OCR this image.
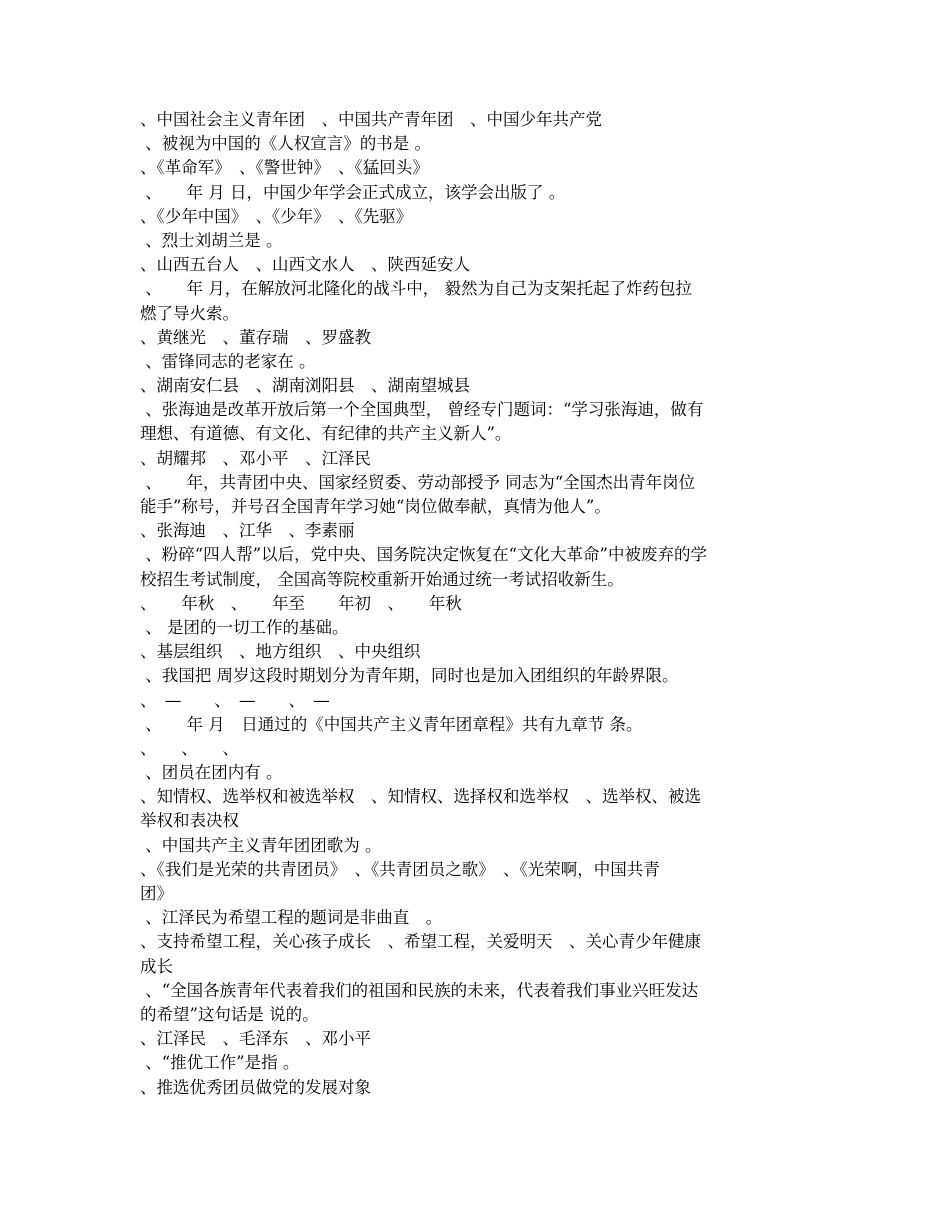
、中国社会主义青年团　、中国共产青年团　、中国少年共产党
、被视为中国的《人权宣言》的书是 。
、《革命军》　、《警世钟》　、《猛回头》
、　　年 月 日，中国少年学会正式成立，该学会出版了 。
、《少年中国》　、《少年》　、《先驱》
、烈士刘胡兰是 。
、山西五台人　、山西文水人　、陕西延安人
、　　年 月，在解放河北隆化的战斗中， 毅然为自己为支架托起了炸药包拉
燃了导火索。
、黄继光　、董存瑞　、罗盛教
、雷锋同志的老家在 。
、湖南安仁县　、湖南浏阳县　、湖南望城县
、张海迪是改革开放后第一个全国典型， 曾经专门题词：“学习张海迪，做有
理想、有道德、有文化、有纪律的共产主义新人”。
、胡耀邦　、邓小平　、江泽民
、　　年，共青团中央、国家经贸委、劳动部授予 同志为“全国杰出青年岗位
能手”称号，并号召全国青年学习她“岗位做奉献，真情为他人”。
、张海迪　、江华　、李素丽
、粉碎“四人帮”以后，党中央、国务院决定恢复在“文化大革命”中被废弃的学
校招生考试制度， 全国高等院校重新开始通过统一考试招收新生。
、　　年秋　、　　年至　　年初　、　　年秋
、 是团的一切工作的基础。
、基层组织　、地方组织　、中央组织
、我国把 周岁这段时期划分为青年期，同时也是加入团组织的年龄界限。
、　—　　、　—　　、　—
、　　年 月　日通过的《中国共产主义青年团章程》共有九章节 条。
、　　、　　、
、团员在团内有 。
、知情权、选举权和被选举权　、知情权、选择权和选举权　、选举权、被选
举权和表决权
、中国共产主义青年团团歌为 。
、《我们是光荣的共青团员》　、《共青团员之歌》　、《光荣啊，中国共青
团》
、江泽民为希望工程的题词是非曲直　。
、支持希望工程，关心孩子成长　、希望工程，关爱明天　、关心青少年健康
成长
、“全国各族青年代表着我们的祖国和民族的未来，代表着我们事业兴旺发达
的希望”这句话是 说的。
、江泽民　、毛泽东　、邓小平
、“推优工作”是指 。
、推选优秀团员做党的发展对象
